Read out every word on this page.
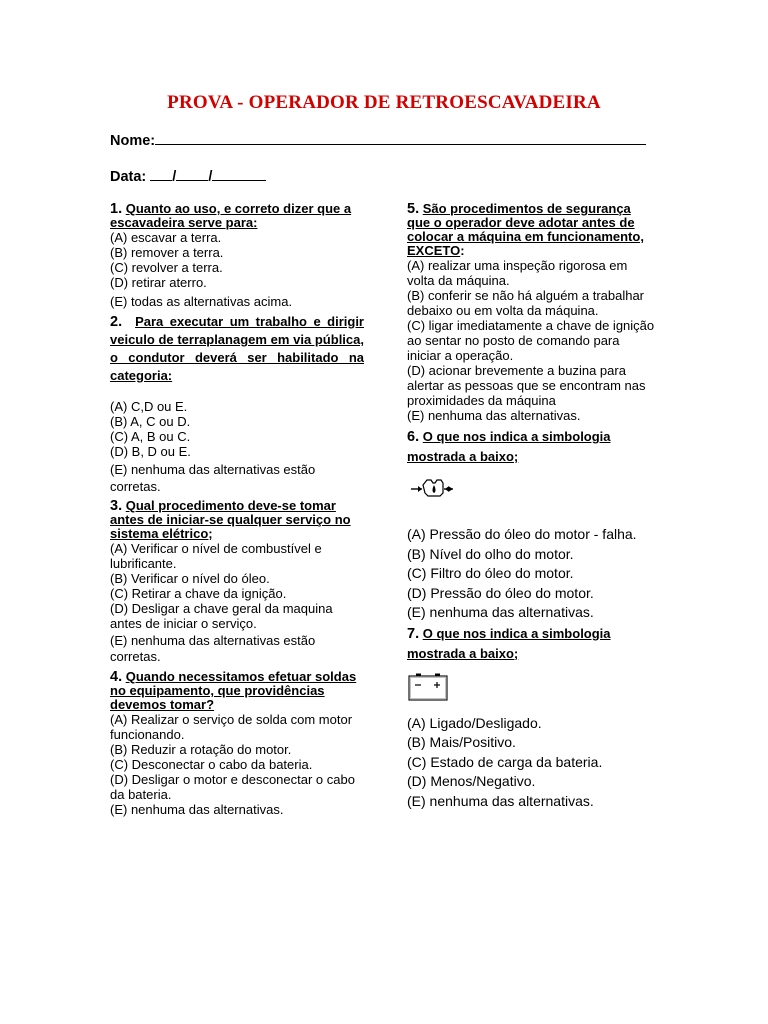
PROVA - OPERADOR DE RETROESCAVADEIRA
Nome:
Data: / /
1. Quanto ao uso, e correto dizer que a escavadeira serve para:
(A) escavar a terra.
(B) remover a terra.
(C) revolver a terra.
(D) retirar aterro.
(E) todas as alternativas acima.
2. Para executar um trabalho e dirigir veiculo de terraplanagem em via pública, o condutor deverá ser habilitado na categoria:
(A) C,D ou E.
(B) A, C ou D.
(C) A, B ou C.
(D) B, D ou E.
(E) nenhuma das alternativas estão corretas.
3. Qual procedimento deve-se tomar antes de iniciar-se qualquer serviço no sistema elétrico;
(A) Verificar o nível de combustível e lubrificante.
(B) Verificar o nível do óleo.
(C) Retirar a chave da ignição.
(D) Desligar a chave geral da maquina antes de iniciar o serviço.
(E) nenhuma das alternativas estão corretas.
4. Quando necessitamos efetuar soldas no equipamento, que providências devemos tomar?
(A) Realizar o serviço de solda com motor funcionando.
(B) Reduzir a rotação do motor.
(C) Desconectar o cabo da bateria.
(D) Desligar o motor e desconectar o cabo da bateria.
(E) nenhuma das alternativas.
5. São procedimentos de segurança que o operador deve adotar antes de colocar a máquina em funcionamento, EXCETO:
(A) realizar uma inspeção rigorosa em volta da máquina.
(B) conferir se não há alguém a trabalhar debaixo ou em volta da máquina.
(C) ligar imediatamente a chave de ignição ao sentar no posto de comando para iniciar a operação.
(D) acionar brevemente a buzina para alertar as pessoas que se encontram nas proximidades da máquina
(E) nenhuma das alternativas.
6. O que nos indica a simbologia mostrada a baixo;
(A) Pressão do óleo do motor - falha.
(B) Nível do olho do motor.
(C) Filtro do óleo do motor.
(D) Pressão do óleo do motor.
(E) nenhuma das alternativas.
7. O que nos indica a simbologia mostrada a baixo;
(A) Ligado/Desligado.
(B) Mais/Positivo.
(C) Estado de carga da bateria.
(D) Menos/Negativo.
(E) nenhuma das alternativas.
